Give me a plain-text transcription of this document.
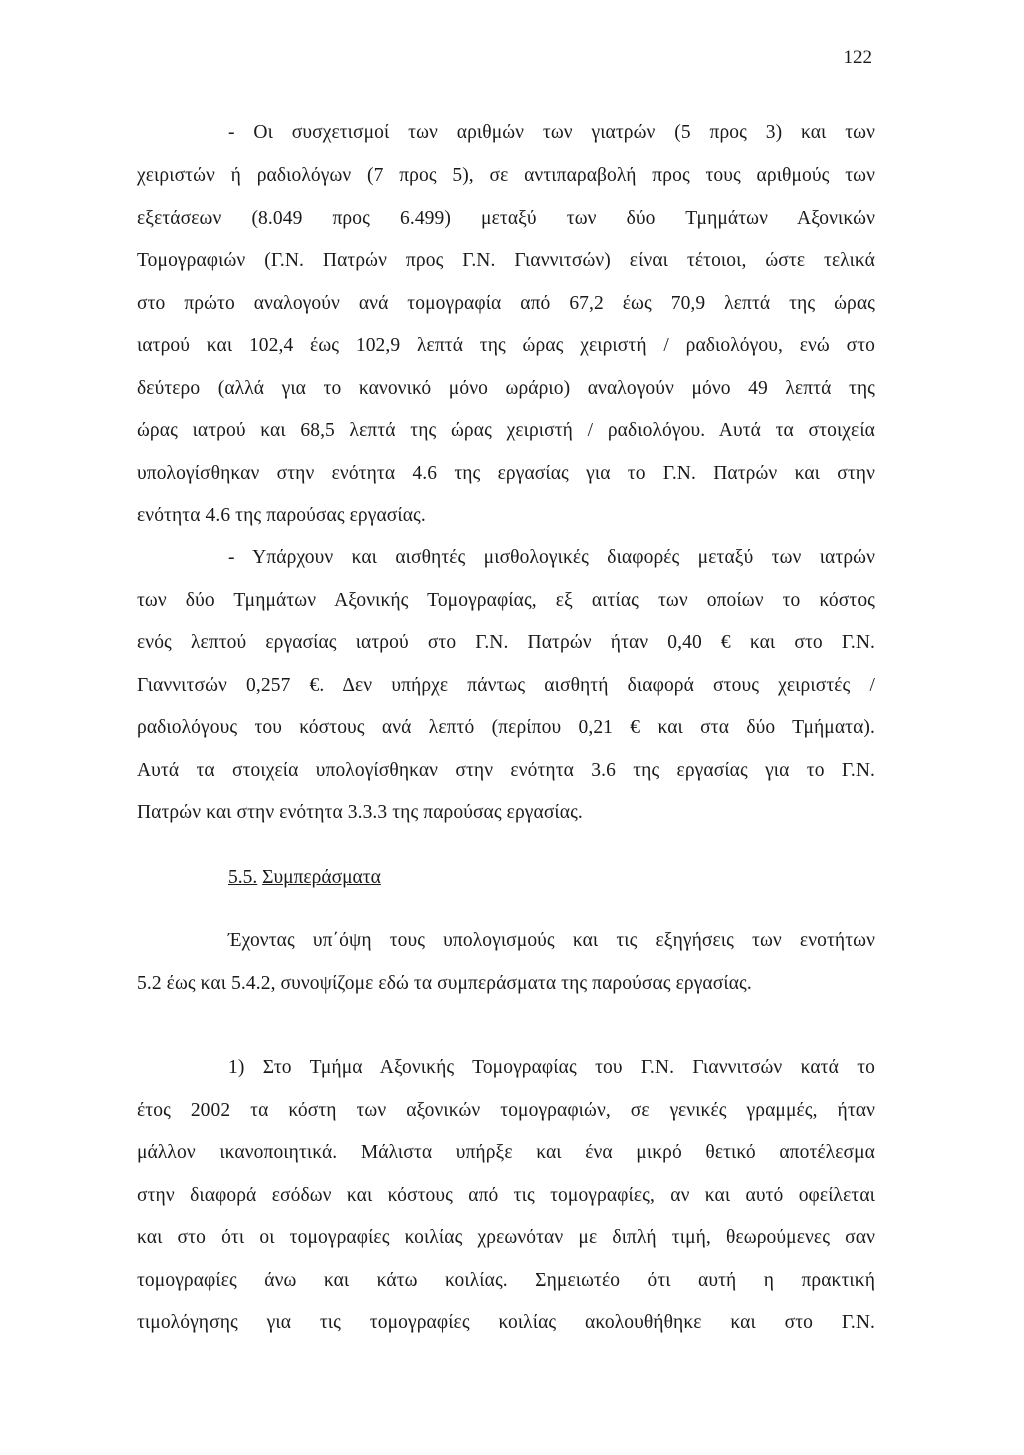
122
- Οι συσχετισμοί των αριθμών των γιατρών (5 προς 3) και των
χειριστών ή ραδιολόγων (7 προς 5), σε αντιπαραβολή προς τους αριθμούς των
εξετάσεων (8.049 προς 6.499) μεταξύ των δύο Τμημάτων Αξονικών
Τομογραφιών (Γ.Ν. Πατρών προς Γ.Ν. Γιαννιτσών) είναι τέτοιοι, ώστε τελικά
στο πρώτο αναλογούν ανά τομογραφία από 67,2 έως 70,9 λεπτά της ώρας
ιατρού και 102,4 έως 102,9 λεπτά της ώρας χειριστή / ραδιολόγου, ενώ στο
δεύτερο (αλλά για το κανονικό μόνο ωράριο) αναλογούν μόνο 49 λεπτά της
ώρας ιατρού και 68,5 λεπτά της ώρας χειριστή / ραδιολόγου. Αυτά τα στοιχεία
υπολογίσθηκαν στην ενότητα 4.6 της εργασίας για το Γ.Ν. Πατρών και στην
ενότητα 4.6 της παρούσας εργασίας.
- Υπάρχουν και αισθητές μισθολογικές διαφορές μεταξύ των ιατρών
των δύο Τμημάτων Αξονικής Τομογραφίας, εξ αιτίας των οποίων το κόστος
ενός λεπτού εργασίας ιατρού στο Γ.Ν. Πατρών ήταν 0,40 € και στο Γ.Ν.
Γιαννιτσών 0,257 €. Δεν υπήρχε πάντως αισθητή διαφορά στους χειριστές /
ραδιολόγους του κόστους ανά λεπτό (περίπου 0,21 € και στα δύο Τμήματα).
Αυτά τα στοιχεία υπολογίσθηκαν στην ενότητα 3.6 της εργασίας για το Γ.Ν.
Πατρών και στην ενότητα 3.3.3 της παρούσας εργασίας.
5.5. Συμπεράσματα
Έχοντας υπ΄όψη τους υπολογισμούς και τις εξηγήσεις των ενοτήτων
5.2 έως και 5.4.2, συνοψίζομε εδώ τα συμπεράσματα της παρούσας εργασίας.
1) Στο Τμήμα Αξονικής Τομογραφίας του Γ.Ν. Γιαννιτσών κατά το
έτος 2002 τα κόστη των αξονικών τομογραφιών, σε γενικές γραμμές, ήταν
μάλλον ικανοποιητικά. Μάλιστα υπήρξε και ένα μικρό θετικό αποτέλεσμα
στην διαφορά εσόδων και κόστους από τις τομογραφίες, αν και αυτό οφείλεται
και στο ότι οι τομογραφίες κοιλίας χρεωνόταν με διπλή τιμή, θεωρούμενες σαν
τομογραφίες άνω και κάτω κοιλίας. Σημειωτέο ότι αυτή η πρακτική
τιμολόγησης για τις τομογραφίες κοιλίας ακολουθήθηκε και στο Γ.Ν.
